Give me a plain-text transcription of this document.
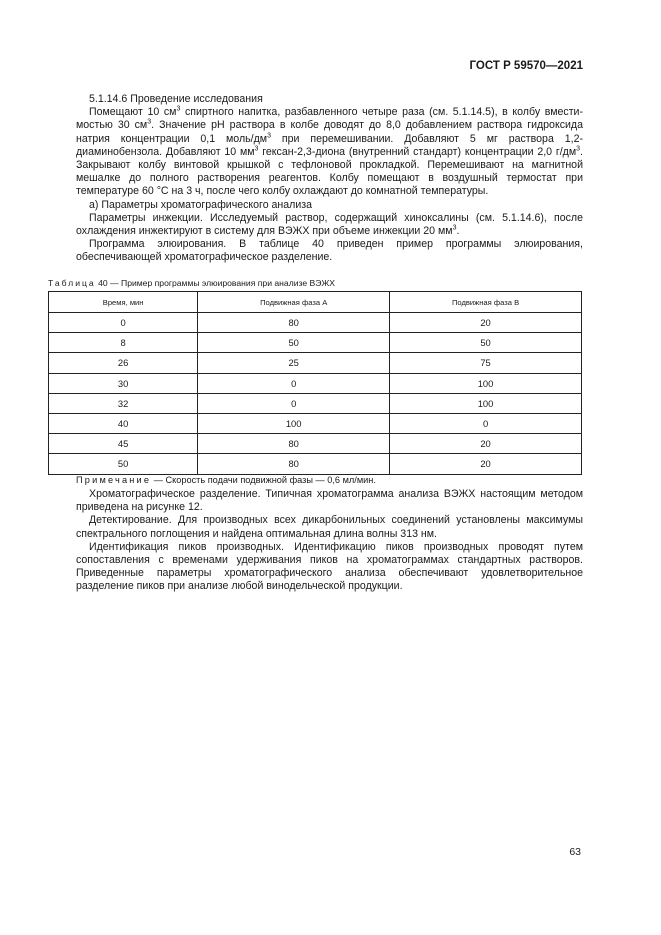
ГОСТ Р 59570—2021

5.1.14.6 Проведение исследования

Помещают 10 $см^3$ спиртного напитка, разбавленного четыре раза (см. 5.1.14.5), в колбу вмести-мостью 30 $см^3$. Значение pH раствора в колбе доводят до 8,0 добавлением раствора гидроксида натрия концентрации 0,1 моль/$дм^3$ при перемешивании. Добавляют 5 мг раствора 1,2-диаминобензола. Добавляют 10 $мм^3$ гексан-2,3-диона (внутренний стандарт) концентрации 2,0 $г/дм^3$. Закрывают колбу винтовой крышкой с тефлоновой прокладкой. Перемешивают на магнитной мешалке до полного растворения реагентов. Колбу помещают в воздушный термостат при температуре 60 °С на 3 ч, после чего колбу охлаждают до комнатной температуры.

а) Параметры хроматографического анализа

Параметры инжекции. Исследуемый раствор, содержащий хиноксалины (см. 5.1.14.6), после охлаждения инжектируют в систему для ВЭЖХ при объеме инжекции 20 $мм^3$.

Программа элюирования. В таблице 40 приведен пример программы элюирования, обеспечивающей хроматографическое разделение.

Таблица 40 — Пример программы элюирования при анализе ВЭЖХ
Время, мин	Подвижная фаза А	Подвижная фаза В
0	80	20
8	50	50
26	25	75
30	0	100
32	0	100
40	100	0
45	80	20
50	80	20
Примечание — Скорость подачи подвижной фазы — 0,6 мл/мин.

Хроматографическое разделение. Типичная хроматограмма анализа ВЭЖХ настоящим методом приведена на рисунке 12.

Детектирование. Для производных всех дикарбонильных соединений установлены максимумы спектрального поглощения и найдена оптимальная длина волны 313 нм.

Идентификация пиков производных. Идентификацию пиков производных проводят путем сопоставления с временами удерживания пиков на хроматограммах стандартных растворов. Приведенные параметры хроматографического анализа обеспечивают удовлетворительное разделение пиков при анализе любой винодельческой продукции.

63
